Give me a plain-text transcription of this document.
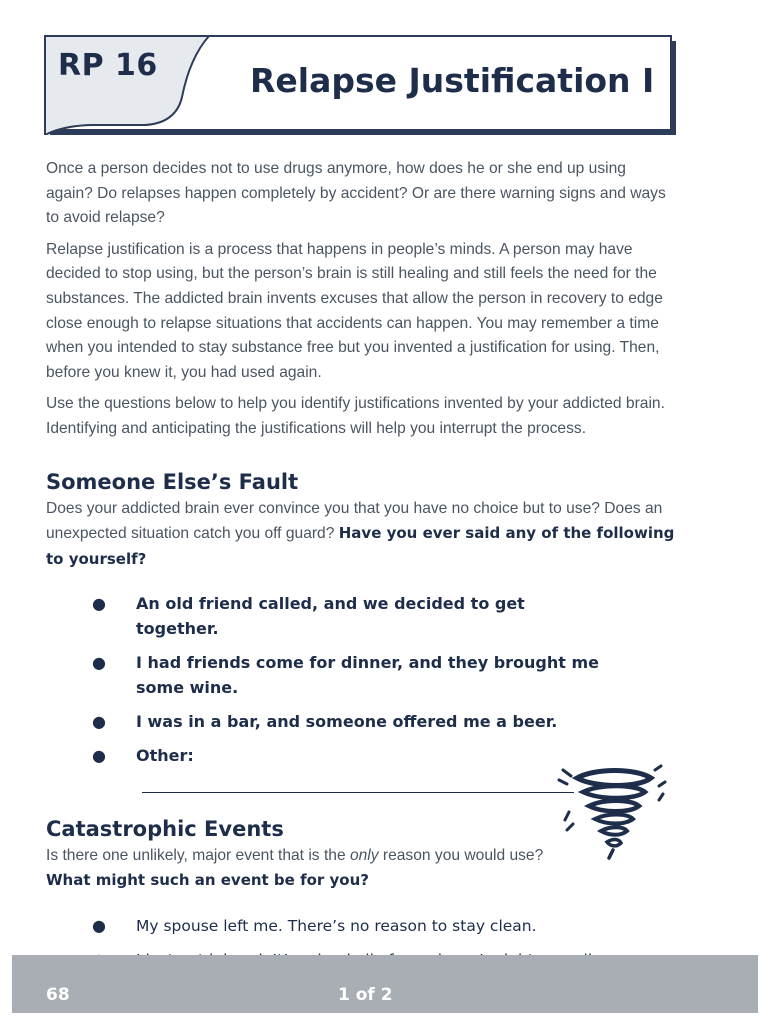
RP 16	Relapse Justification I

Once a person decides not to use drugs anymore, how does he or she end up using again? Do relapses happen completely by accident? Or are there warning signs and ways to avoid relapse?

Relapse justification is a process that happens in people’s minds. A person may have decided to stop using, but the person’s brain is still healing and still feels the need for the substances. The addicted brain invents excuses that allow the person in recovery to edge close enough to relapse situations that accidents can happen. You may remember a time when you intended to stay substance free but you invented a justification for using. Then, before you knew it, you had used again.

Use the questions below to help you identify justifications invented by your addicted brain. Identifying and anticipating the justifications will help you interrupt the process.

Someone Else’s Fault

Does your addicted brain ever convince you that you have no choice but to use? Does an unexpected situation catch you off guard? Have you ever said any of the following to yourself?

● An old friend called, and we decided to get together.
● I had friends come for dinner, and they brought me some wine.
● I was in a bar, and someone offered me a beer.
● Other:
Catastrophic Events

Is there one unlikely, major event that is the only reason you would use? What might such an event be for you?

● My spouse left me. There’s no reason to stay clean.
68	1 of 2
